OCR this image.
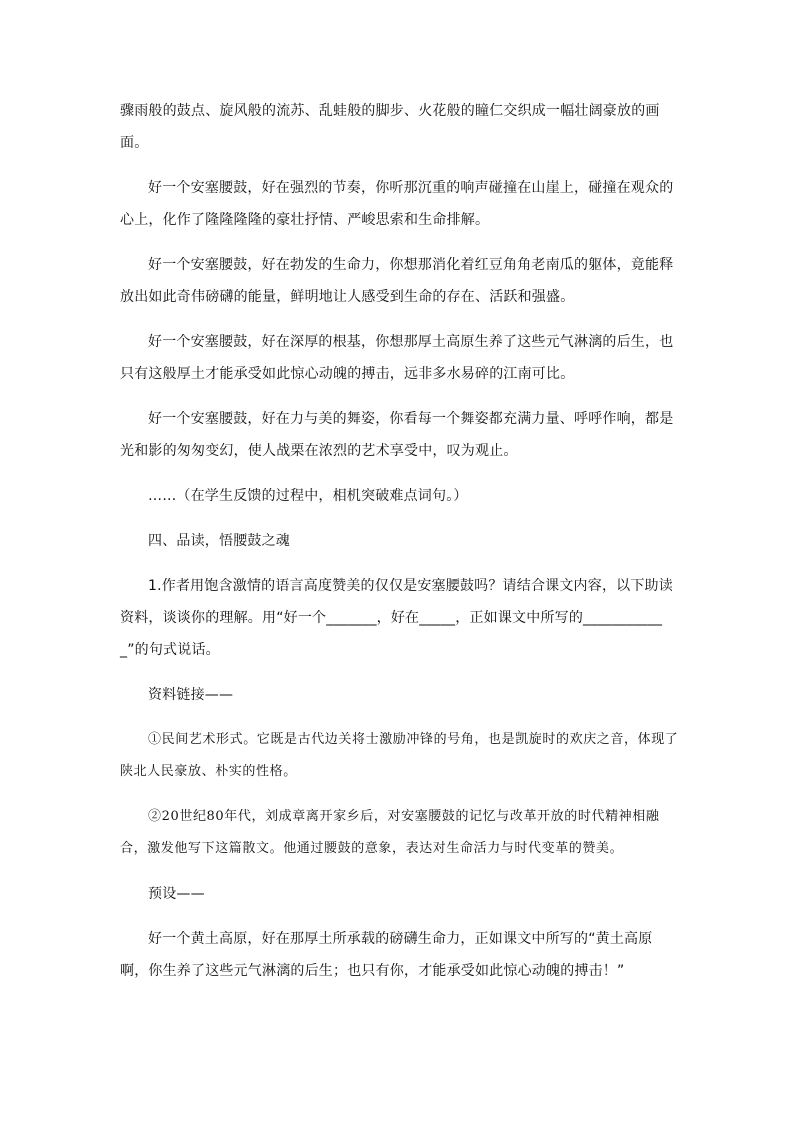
骤雨般的鼓点、旋风般的流苏、乱蛙般的脚步、火花般的瞳仁交织成一幅壮阔豪放的画面。

好一个安塞腰鼓，好在强烈的节奏，你听那沉重的响声碰撞在山崖上，碰撞在观众的心上，化作了隆隆隆隆的豪壮抒情、严峻思索和生命排解。

好一个安塞腰鼓，好在勃发的生命力，你想那消化着红豆角角老南瓜的躯体，竟能释放出如此奇伟磅礴的能量，鲜明地让人感受到生命的存在、活跃和强盛。

好一个安塞腰鼓，好在深厚的根基，你想那厚土高原生养了这些元气淋漓的后生，也只有这般厚土才能承受如此惊心动魄的搏击，远非多水易碎的江南可比。

好一个安塞腰鼓，好在力与美的舞姿，你看每一个舞姿都充满力量、呼呼作响，都是光和影的匆匆变幻，使人战栗在浓烈的艺术享受中，叹为观止。

……（在学生反馈的过程中，相机突破难点词句。）

四、品读，悟腰鼓之魂

1.作者用饱含激情的语言高度赞美的仅仅是安塞腰鼓吗？请结合课文内容，以下助读资料，谈谈你的理解。用“好一个_______，好在_____，正如课文中所写的____________”的句式说话。

资料链接——

①民间艺术形式。它既是古代边关将士激励冲锋的号角，也是凯旋时的欢庆之音，体现了陕北人民豪放、朴实的性格。

②20世纪80年代，刘成章离开家乡后，对安塞腰鼓的记忆与改革开放的时代精神相融合，激发他写下这篇散文。他通过腰鼓的意象，表达对生命活力与时代变革的赞美。

预设——

好一个黄土高原，好在那厚土所承载的磅礴生命力，正如课文中所写的“黄土高原啊，你生养了这些元气淋漓的后生；也只有你，才能承受如此惊心动魄的搏击！”
